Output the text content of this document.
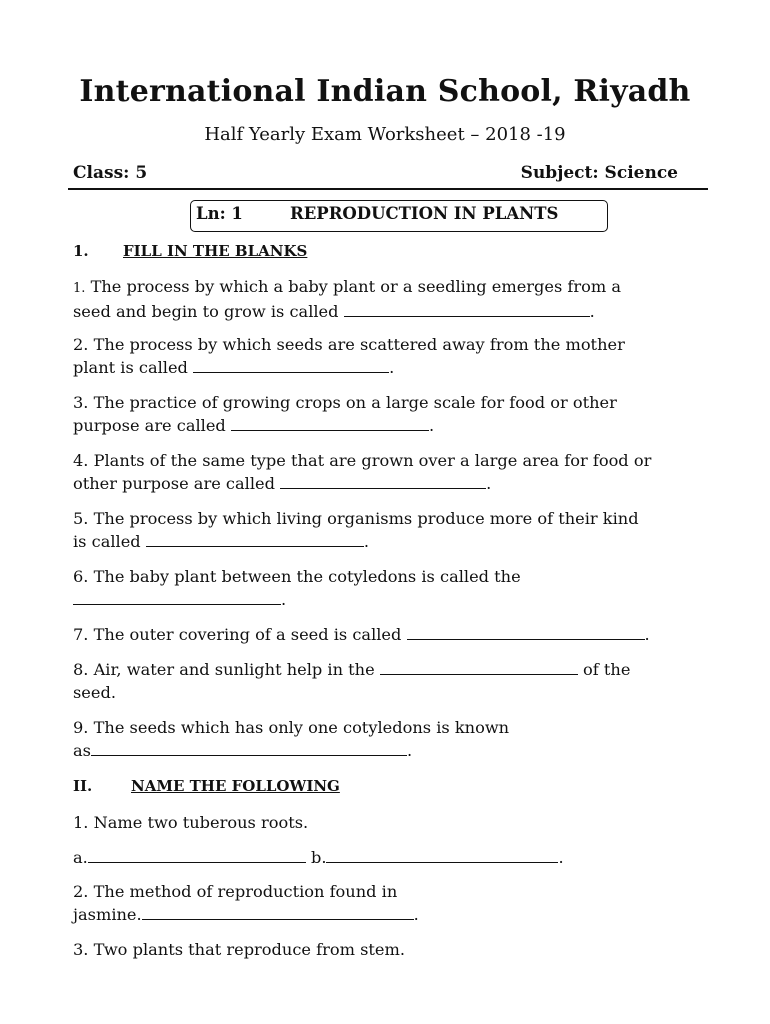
International Indian School, Riyadh
Half Yearly Exam Worksheet – 2018 -19
Class: 5	Subject: Science
Ln: 1	REPRODUCTION IN PLANTS
1. FILL IN THE BLANKS
1. The process by which a baby plant or a seedling emerges from a
seed and begin to grow is called	.
2. The process by which seeds are scattered away from the mother
plant is called	.
3. The practice of growing crops on a large scale for food or other
purpose are called	.
4. Plants of the same type that are grown over a large area for food or
other purpose are called	.
5. The process by which living organisms produce more of their kind
is called	.
6. The baby plant between the cotyledons is called the
.
7. The outer covering of a seed is called	.
8. Air, water and sunlight help in the	of the
seed.
9. The seeds which has only one cotyledons is known
as	.
II.	NAME THE FOLLOWING
1. Name two tuberous roots.
a.	b.	.
2. The method of reproduction found in
jasmine.	.
3. Two plants that reproduce from stem.
